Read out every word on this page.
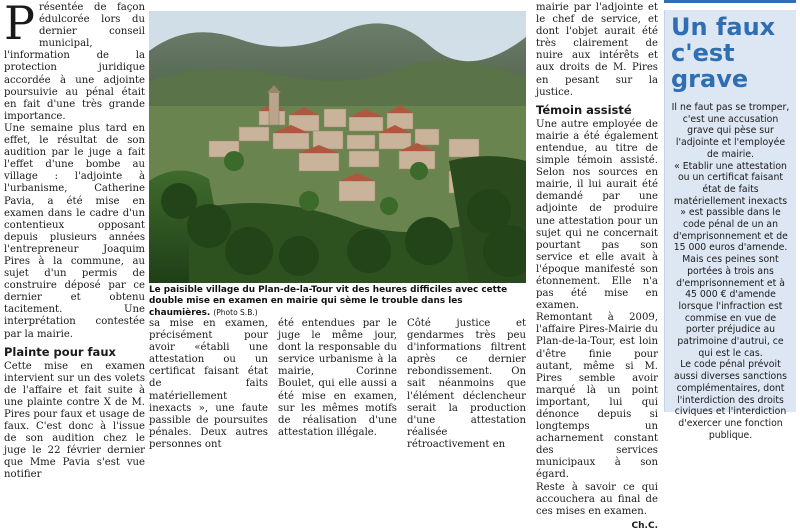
P résentée de façon édulcorée lors du dernier conseil municipal, l'information de la protection juridique accordée à une adjointe poursuivie au pénal était en fait d'une très grande importance.

Une semaine plus tard en effet, le résultat de son audition par le juge a fait l'effet d'une bombe au village : l'adjointe à l'urbanisme, Catherine Pavia, a été mise en examen dans le cadre d'un contentieux opposant depuis plusieurs années l'entrepreneur Joaquim Pires à la commune, au sujet d'un permis de construire déposé par ce dernier et obtenu tacitement. Une interprétation contestée par la mairie.

Plainte pour faux

Cette mise en examen intervient sur un des volets de l'affaire et fait suite à une plainte contre X de M. Pires pour faux et usage de faux. C'est donc à l'issue de son audition chez le juge le 22 février dernier que Mme Pavia s'est vue notifier

Le paisible village du Plan-de-la-Tour vit des heures difficiles avec cette double mise en examen en mairie qui sème le trouble dans les chaumières. (Photo S.B.)

sa mise en examen, précisément pour avoir «établi une attestation ou un certificat faisant état de faits matériellement inexacts », une faute passible de poursuites pénales. Deux autres personnes ont

été entendues par le juge le même jour, dont la responsable du service urbanisme à la mairie, Corinne Boulet, qui elle aussi a été mise en examen, sur les mêmes motifs de réalisation d'une attestation illégale.

Côté justice et gendarmes très peu d'informations filtrent après ce dernier rebondissement. On sait néanmoins que l'élément déclencheur serait la production d'une attestation réalisée rétroactivement en

mairie par l'adjointe et le chef de service, et dont l'objet aurait été très clairement de nuire aux intérêts et aux droits de M. Pires en pesant sur la justice.

Témoin assisté

Une autre employée de mairie a été également entendue, au titre de simple témoin assisté. Selon nos sources en mairie, il lui aurait été demandé par une adjointe de produire une attestation pour un sujet qui ne concernait pourtant pas son service et elle avait à l'époque manifesté son étonnement. Elle n'a pas été mise en examen.

Remontant à 2009, l'affaire Pires-Mairie du Plan-de-la-Tour, est loin d'être finie pour autant, même si M. Pires semble avoir marqué là un point important, lui qui dénonce depuis si longtemps un acharnement constant des services municipaux à son égard.

Reste à savoir ce qui accouchera au final de ces mises en examen.

Ch.C.
Un faux c'est grave

Il ne faut pas se tromper, c'est une accusation grave qui pèse sur l'adjointe et l'employée de mairie.

« Etablir une attestation ou un certificat faisant état de faits matériellement inexacts » est passible dans le code pénal de un an d'emprisonnement et de 15 000 euros d'amende. Mais ces peines sont portées à trois ans d'emprisonnement et à 45 000 € d'amende lorsque l'infraction est commise en vue de porter préjudice au patrimoine d'autrui, ce qui est le cas.

Le code pénal prévoit aussi diverses sanctions complémentaires, dont l'interdiction des droits civiques et l'interdiction d'exercer une fonction publique.
